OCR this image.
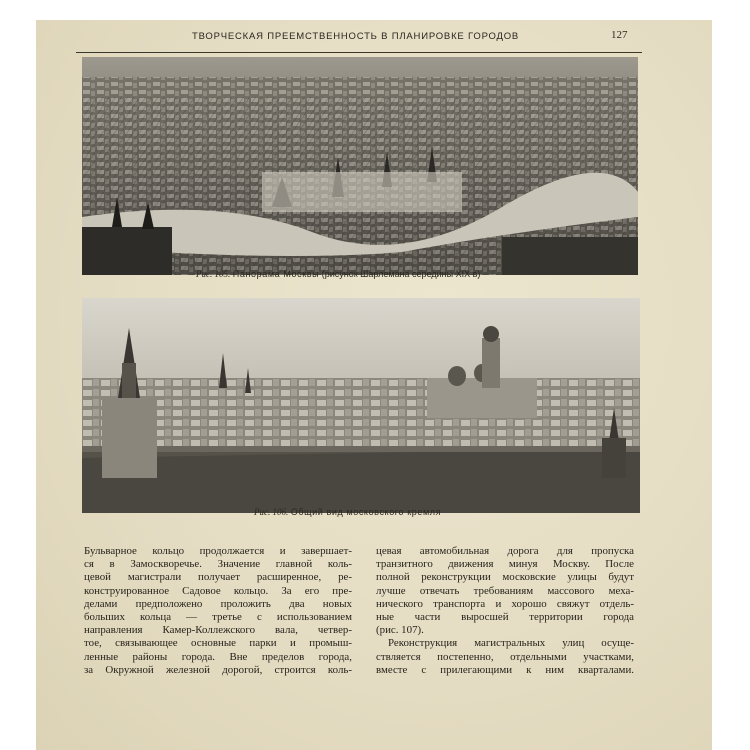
ТВОРЧЕСКАЯ ПРЕЕМСТВЕННОСТЬ В ПЛАНИРОВКЕ ГОРОДОВ	127
Рис. 105. Панорама Москвы (рисунок Шарлемана середины XIX в)
Рис. 106. Общий вид московского кремля
Бульварное кольцо продолжается и завершает-
ся в Замоскворечье. Значение главной коль-
цевой магистрали получает расширенное, ре-
конструированное Садовое кольцо. За его пре-
делами предположено проложить два новых
больших кольца — третье с использованием
направления Камер-Коллежского вала, четвер-
тое, связывающее основные парки и промыш-
ленные районы города. Вне пределов города,
за Окружной железной дорогой, строится коль-
цевая автомобильная дорога для пропуска
транзитного движения минуя Москву. После
полной реконструкции московские улицы будут
лучше отвечать требованиям массового меха-
нического транспорта и хорошо свяжут отдель-
ные части выросшей территории города
(рис. 107).
Реконструкция магистральных улиц осуще-
ствляется постепенно, отдельными участками,
вместе с прилегающими к ним кварталами.
